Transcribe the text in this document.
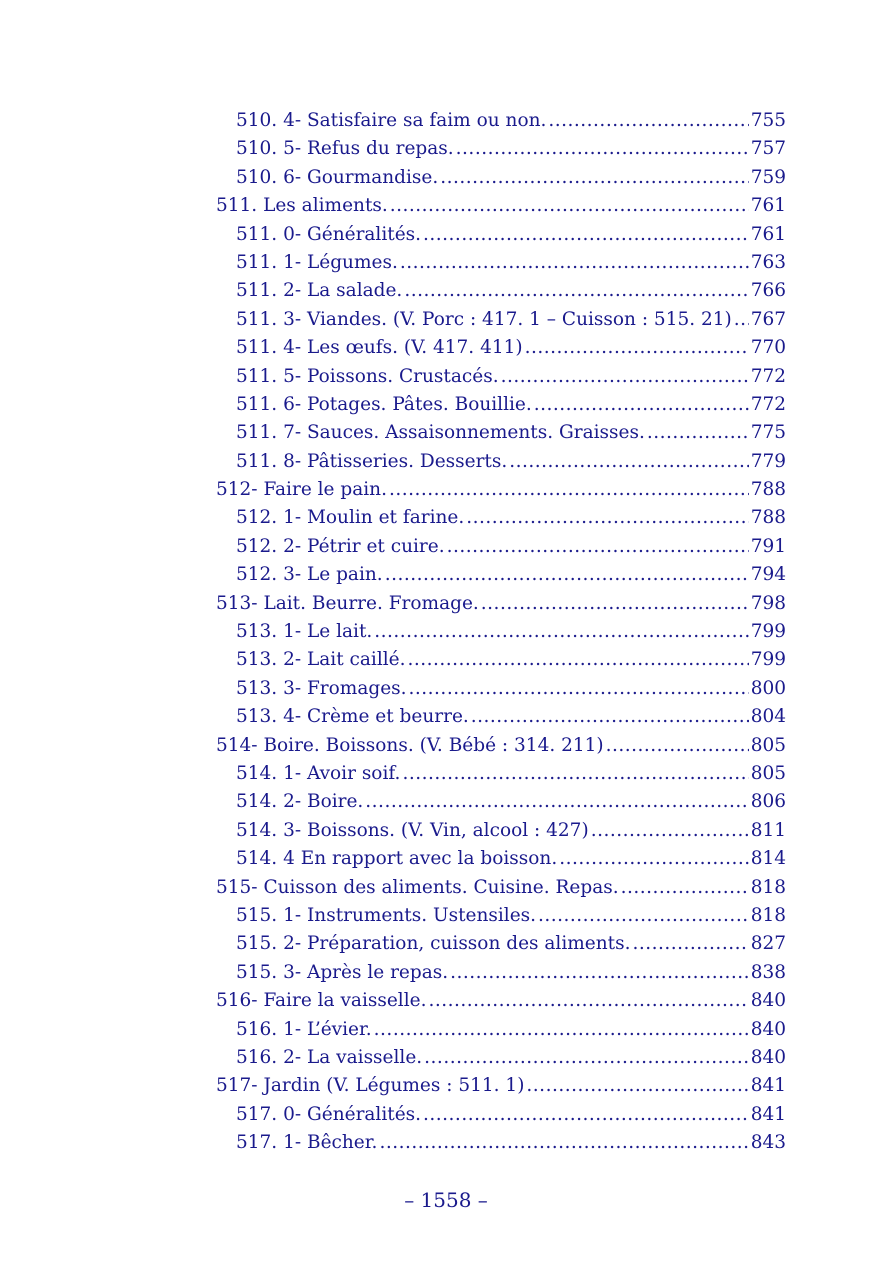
510. 4- Satisfaire sa faim ou non. .....	755
510. 5- Refus du repas. .....	757
510. 6- Gourmandise. .....	759
511. Les aliments. .....	761
511. 0- Généralités. .....	761
511. 1- Légumes. .....	763
511. 2- La salade. .....	766
511. 3- Viandes. (V. Porc : 417. 1 – Cuisson : 515. 21) ..... 767
511. 4- Les œufs. (V. 417. 411) .....	770
511. 5- Poissons. Crustacés. .....	772
511. 6- Potages. Pâtes. Bouillie. .....	772
511. 7- Sauces. Assaisonnements. Graisses. .....	775
511. 8- Pâtisseries. Desserts. .....	779
512- Faire le pain. .....	788
512. 1- Moulin et farine. .....	788
512. 2- Pétrir et cuire. .....	791
512. 3- Le pain. .....	794
513- Lait. Beurre. Fromage. .....	798
513. 1- Le lait. .....	799
513. 2- Lait caillé. .....	799
513. 3- Fromages. .....	800
513. 4- Crème et beurre. .....	804
514- Boire. Boissons. (V. Bébé : 314. 211) .....	805
514. 1- Avoir soif. .....	805
514. 2- Boire. .....	806
514. 3- Boissons. (V. Vin, alcool : 427) .....	811
514. 4 En rapport avec la boisson. .....	814
515- Cuisson des aliments. Cuisine. Repas. .....	818
515. 1- Instruments. Ustensiles. .....	818
515. 2- Préparation, cuisson des aliments. .....	827
515. 3- Après le repas. .....	838
516- Faire la vaisselle. .....	840
516. 1- L’évier. .....	840
516. 2- La vaisselle. .....	840
517- Jardin (V. Légumes : 511. 1) .....	841
517. 0- Généralités. .....	841
517. 1- Bêcher. .....	843
– 1558 –
